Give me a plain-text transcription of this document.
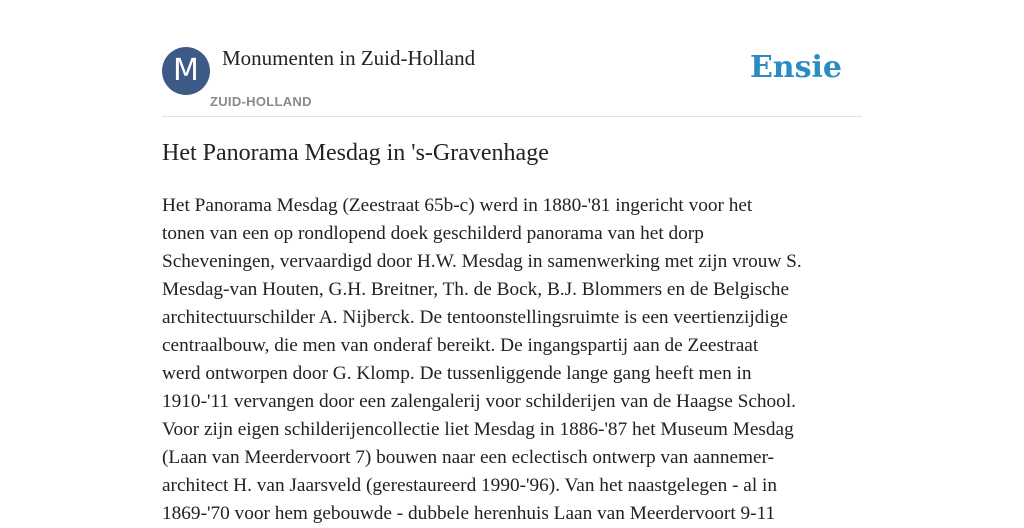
M	Monumenten in Zuid-Holland
ZUID-HOLLAND
Ensie
Het Panorama Mesdag in 's-Gravenhage
Het Panorama Mesdag (Zeestraat 65b-c) werd in 1880-'81 ingericht voor het
tonen van een op rondlopend doek geschilderd panorama van het dorp
Scheveningen, vervaardigd door H.W. Mesdag in samenwerking met zijn vrouw S.
Mesdag-van Houten, G.H. Breitner, Th. de Bock, B.J. Blommers en de Belgische
architectuurschilder A. Nijberck. De tentoonstellingsruimte is een veertienzijdige
centraalbouw, die men van onderaf bereikt. De ingangspartij aan de Zeestraat
werd ontworpen door G. Klomp. De tussenliggende lange gang heeft men in
1910-'11 vervangen door een zalengalerij voor schilderijen van de Haagse School.
Voor zijn eigen schilderijencollectie liet Mesdag in 1886-'87 het Museum Mesdag
(Laan van Meerdervoort 7) bouwen naar een eclectisch ontwerp van aannemer-
architect H. van Jaarsveld (gerestaureerd 1990-'96). Van het naastgelegen - al in
1869-'70 voor hem gebouwde - dubbele herenhuis Laan van Meerdervoort 9-11
